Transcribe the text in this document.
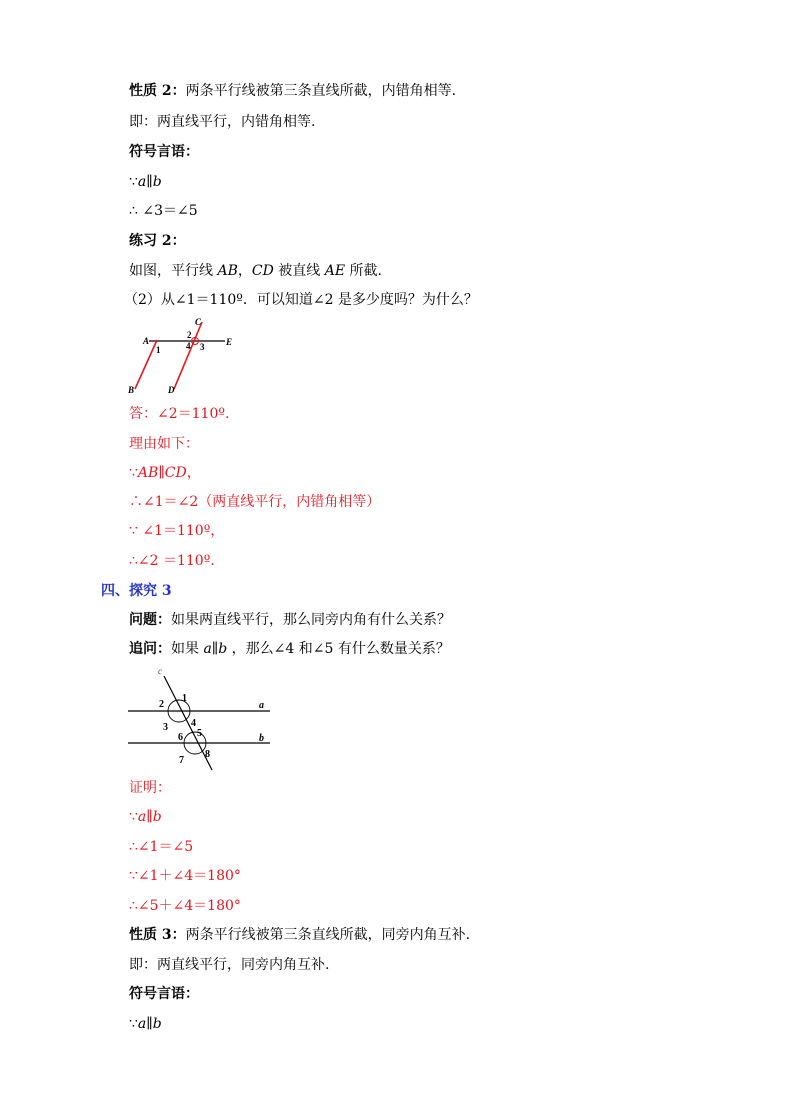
性质 2：两条平行线被第三条直线所截，内错角相等.
即：两直线平行，内错角相等.
符号言语：
∵a∥b
∴ ∠3＝∠5
练习 2：
如图，平行线 AB，CD 被直线 AE 所截.
（2）从∠1＝110º．可以知道∠2 是多少度吗？为什么？
A
B
C
D
E
1
2
3
4
答：∠2＝110º.
理由如下：
∵AB∥CD，
∴∠1＝∠2（两直线平行，内错角相等）
∵ ∠1＝110º，
∴∠2 ＝110º.
四、探究 3
问题：如果两直线平行，那么同旁内角有什么关系？
追问：如果 a∥b ，那么∠4 和∠5 有什么数量关系？
c
a
b
1
2
3 4
5
6
7
8
证明：
∵a∥b
∴∠1＝∠5
∵∠1＋∠4＝180°
∴∠5＋∠4＝180°
性质 3：两条平行线被第三条直线所截，同旁内角互补.
即：两直线平行，同旁内角互补.
符号言语：
∵a∥b
